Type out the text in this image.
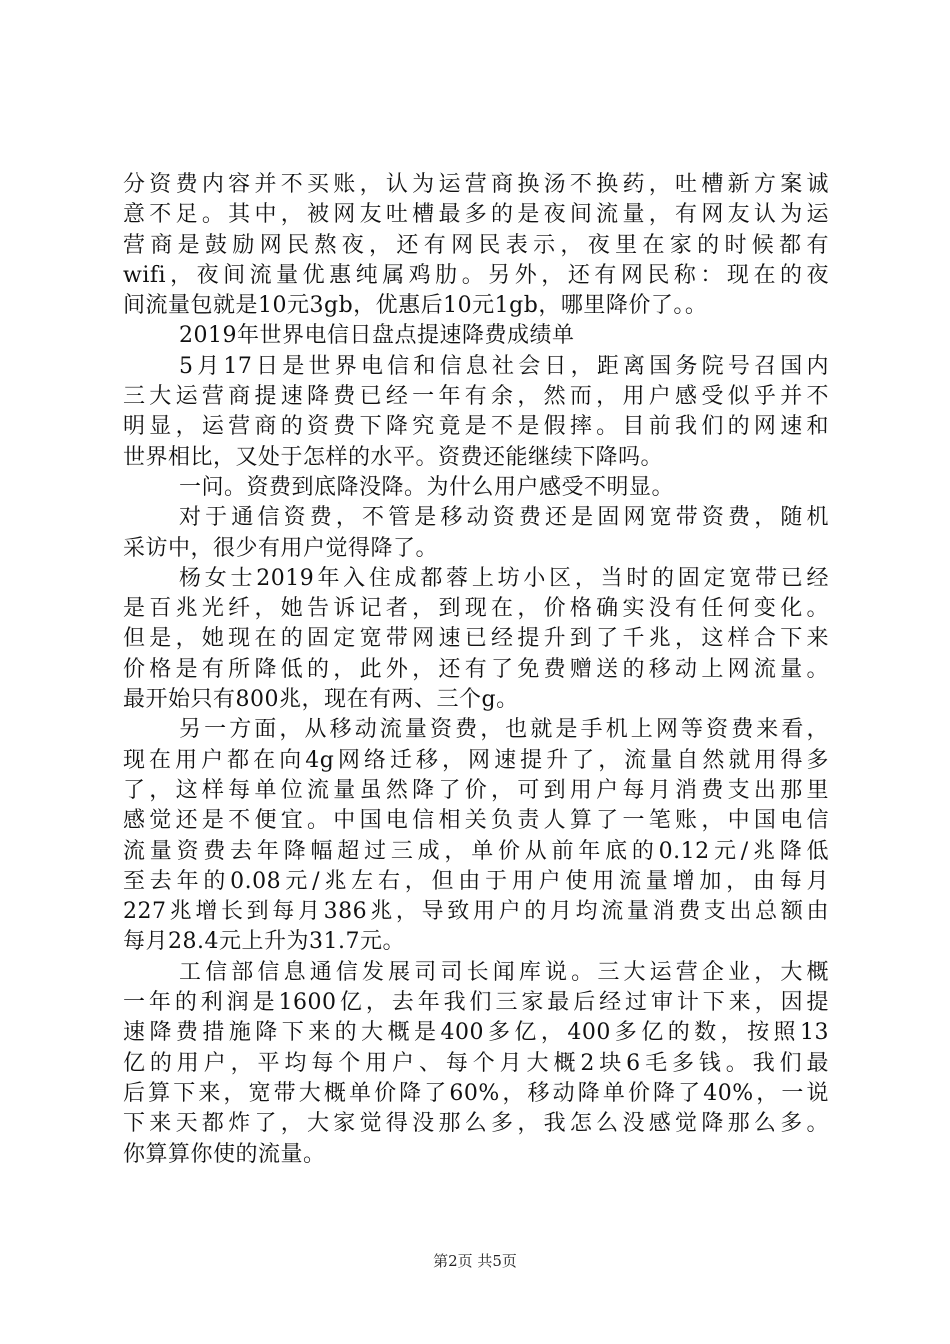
分资费内容并不买账，认为运营商换汤不换药，吐槽新方案诚
意不足。其中，被网友吐槽最多的是夜间流量，有网友认为运
营商是鼓励网民熬夜，还有网民表示，夜里在家的时候都有
wifi，夜间流量优惠纯属鸡肋。另外，还有网民称：现在的夜
间流量包就是10元3gb，优惠后10元1gb，哪里降价了。。
2019年世界电信日盘点提速降费成绩单
5月17日是世界电信和信息社会日，距离国务院号召国内
三大运营商提速降费已经一年有余，然而，用户感受似乎并不
明显，运营商的资费下降究竟是不是假摔。目前我们的网速和
世界相比，又处于怎样的水平。资费还能继续下降吗。
一问。资费到底降没降。为什么用户感受不明显。
对于通信资费，不管是移动资费还是固网宽带资费，随机
采访中，很少有用户觉得降了。
杨女士2019年入住成都蓉上坊小区，当时的固定宽带已经
是百兆光纤，她告诉记者，到现在，价格确实没有任何变化。
但是，她现在的固定宽带网速已经提升到了千兆，这样合下来
价格是有所降低的，此外，还有了免费赠送的移动上网流量。
最开始只有800兆，现在有两、三个g。
另一方面，从移动流量资费，也就是手机上网等资费来看，
现在用户都在向4g网络迁移，网速提升了，流量自然就用得多
了，这样每单位流量虽然降了价，可到用户每月消费支出那里
感觉还是不便宜。中国电信相关负责人算了一笔账，中国电信
流量资费去年降幅超过三成，单价从前年底的0.12元/兆降低
至去年的0.08元/兆左右，但由于用户使用流量增加，由每月
227兆增长到每月386兆，导致用户的月均流量消费支出总额由
每月28.4元上升为31.7元。
工信部信息通信发展司司长闻库说。三大运营企业，大概
一年的利润是1600亿，去年我们三家最后经过审计下来，因提
速降费措施降下来的大概是400多亿，400多亿的数，按照13
亿的用户，平均每个用户、每个月大概2块6毛多钱。我们最
后算下来，宽带大概单价降了60%，移动降单价降了40%，一说
下来天都炸了，大家觉得没那么多，我怎么没感觉降那么多。
你算算你使的流量。
第2页 共5页
